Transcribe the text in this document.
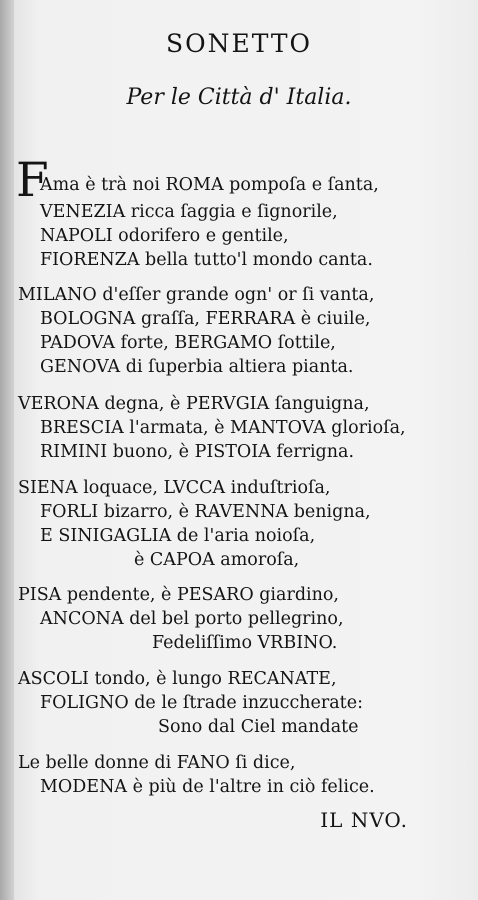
SONETTO
Per le Città d' Italia.
F
Ama è trà noi ROMA pompoſa e ſanta,
VENEZIA ricca ſaggia e ſignorile,
NAPOLI odorifero e gentile,
FIORENZA bella tutto'l mondo canta.
MILANO d'eſſer grande ogn' or ſi vanta,
BOLOGNA graſſa, FERRARA è ciuile,
PADOVA forte, BERGAMO ſottile,
GENOVA di ſuperbia altiera pianta.
VERONA degna, è PERVGIA ſanguigna,
BRESCIA l'armata, è MANTOVA glorioſa,
RIMINI buono, è PISTOIA ferrigna.
SIENA loquace, LVCCA induſtrioſa,
FORLI bizarro, è RAVENNA benigna,
E SINIGAGLIA de l'aria noioſa,
è CAPOA amoroſa,
PISA pendente, è PESARO giardino,
ANCONA del bel porto pellegrino,
Fedeliſſimo VRBINO.
ASCOLI tondo, è lungo RECANATE,
FOLIGNO de le ſtrade inzuccherate:
Sono dal Ciel mandate
Le belle donne di FANO ſi dice,
MODENA è più de l'altre in ciò felice.
IL NVO.
